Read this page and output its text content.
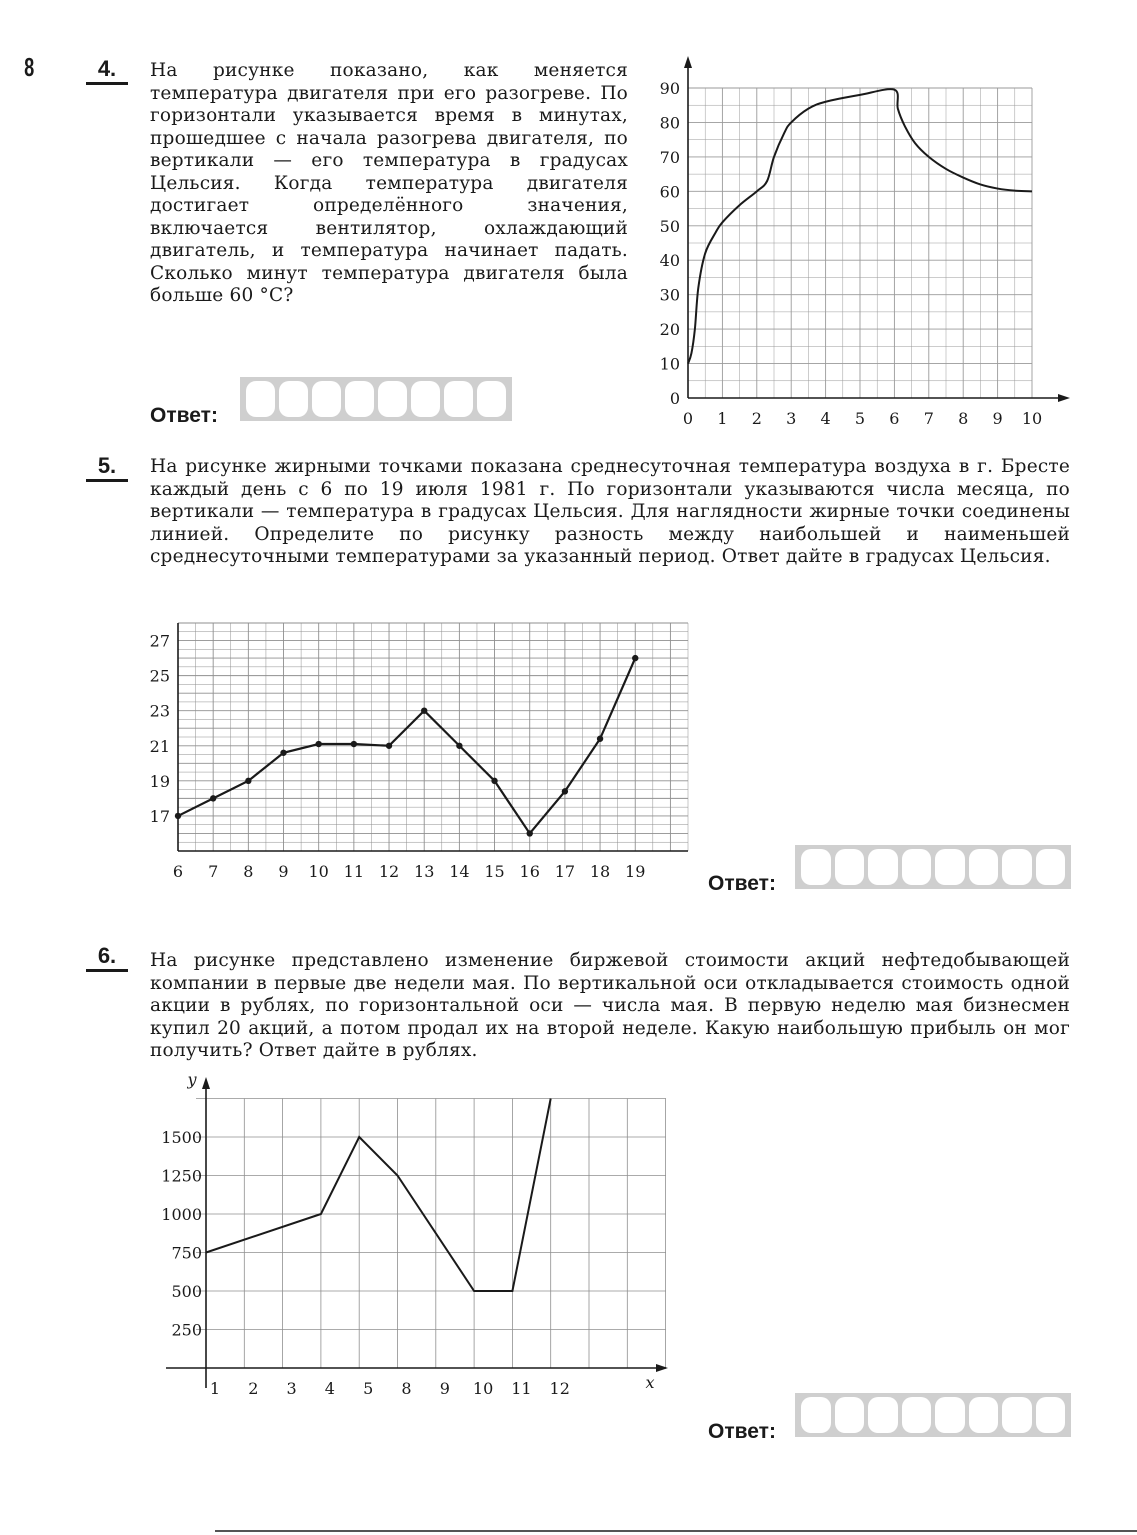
8	4.	На рисунке показано, как меняется температура двигателя при его разогреве. По горизонтали указывается время в минутах, прошедшее с начала разогрева двигателя, по вертикали — его температура в градусах Цельсия. Когда температура двигателя достигает определённого значения, включается вентилятор, охлаждающий двигатель, и температура начинает падать. Сколько минут температура двигателя была больше 60 °С?
Ответ:	0 1 2 3 4 5 6 7 8 9 10
0
10
20
30
40
50
60
70
80
90
5.	На рисунке жирными точками показана среднесуточная температура воздуха в г. Бресте каждый день с 6 по 19 июля 1981 г. По горизонтали указываются числа месяца, по вертикали — температура в градусах Цельсия. Для наглядности жирные точки соединены линией. Определите по рисунку разность между наибольшей и наименьшей среднесуточными температурами за указанный период. Ответ дайте в градусах Цельсия.
6 7 8 9 10 11 12 13 14 15 16 17 18 19
17
19
21
23
25
27
Ответ:
6.	На рисунке представлено изменение биржевой стоимости акций нефтедобывающей компании в первые две недели мая. По вертикальной оси откладывается стоимость одной акции в рублях, по горизонтальной оси — числа мая. В первую неделю мая бизнесмен купил 20 акций, а потом продал их на второй неделе. Какую наибольшую прибыль он мог получить? Ответ дайте в рублях.
y
x
1 2 3 4 5 8 9 10 11 12
250
500
750
1000
1250
1500
Ответ:
